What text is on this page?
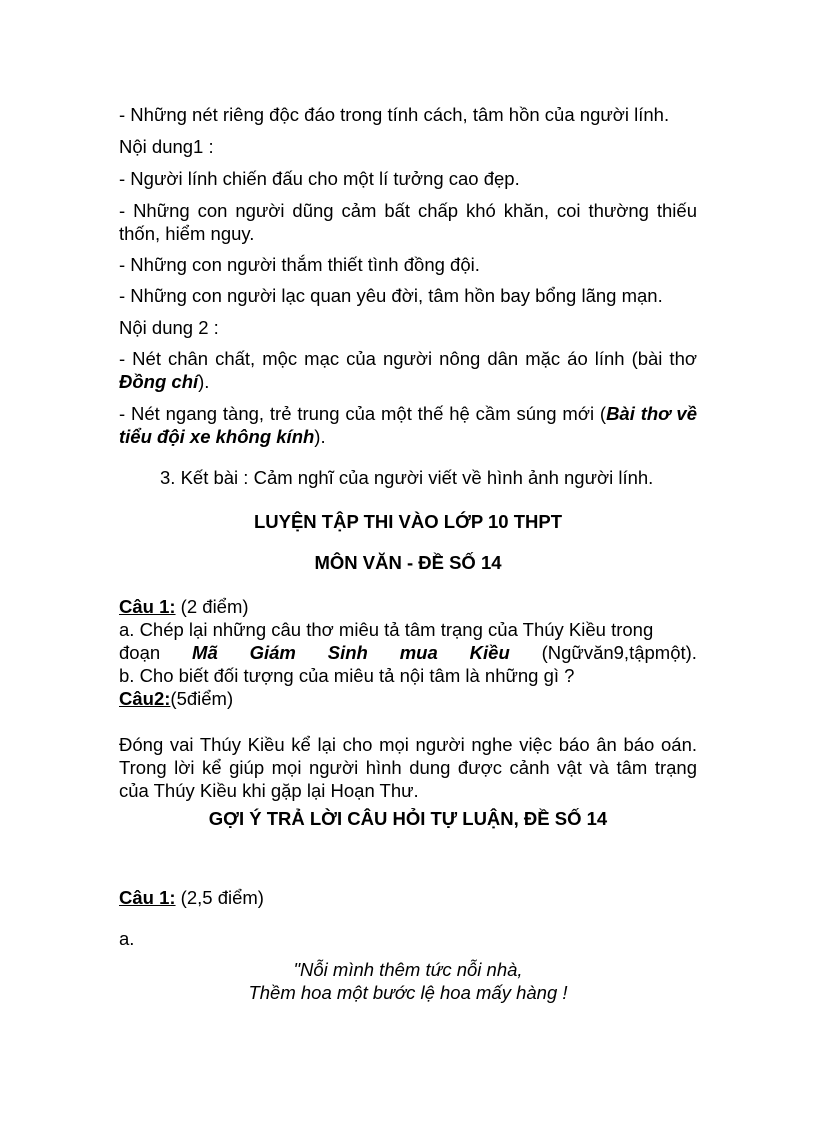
- Những nét riêng độc đáo trong tính cách, tâm hồn của người lính.
Nội dung1 :
- Người lính chiến đấu cho một lí tưởng cao đẹp.
- Những con người dũng cảm bất chấp khó khăn, coi thường thiếu thốn, hiểm nguy.
- Những con người thắm thiết tình đồng đội.
- Những con người lạc quan yêu đời, tâm hồn bay bổng lãng mạn.
Nội dung 2 :
- Nét chân chất, mộc mạc của người nông dân mặc áo lính (bài thơ Đồng chí).
- Nét ngang tàng, trẻ trung của một thế hệ cầm súng mới (Bài thơ về tiểu đội xe không kính).
3. Kết bài : Cảm nghĩ của người viết về hình ảnh người lính.
LUYỆN TẬP THI VÀO LỚP 10 THPT
MÔN VĂN - ĐỀ SỐ 14
Câu 1: (2 điểm)
a. Chép lại những câu thơ miêu tả tâm trạng của Thúy Kiều trong
đoạn Mã Giám Sinh mua Kiều (Ngữvăn9,tậpmột).
b. Cho biết đối tượng của miêu tả nội tâm là những gì ?
Câu2:(5điểm)
Đóng vai Thúy Kiều kể lại cho mọi người nghe việc báo ân báo oán. Trong lời kể giúp mọi người hình dung được cảnh vật và tâm trạng của Thúy Kiều khi gặp lại Hoạn Thư.
GỢI Ý TRẢ LỜI CÂU HỎI TỰ LUẬN, ĐỀ SỐ 14
Câu 1: (2,5 điểm)
a.
"Nỗi mình thêm tức nỗi nhà,
Thềm hoa một bước lệ hoa mấy hàng !
